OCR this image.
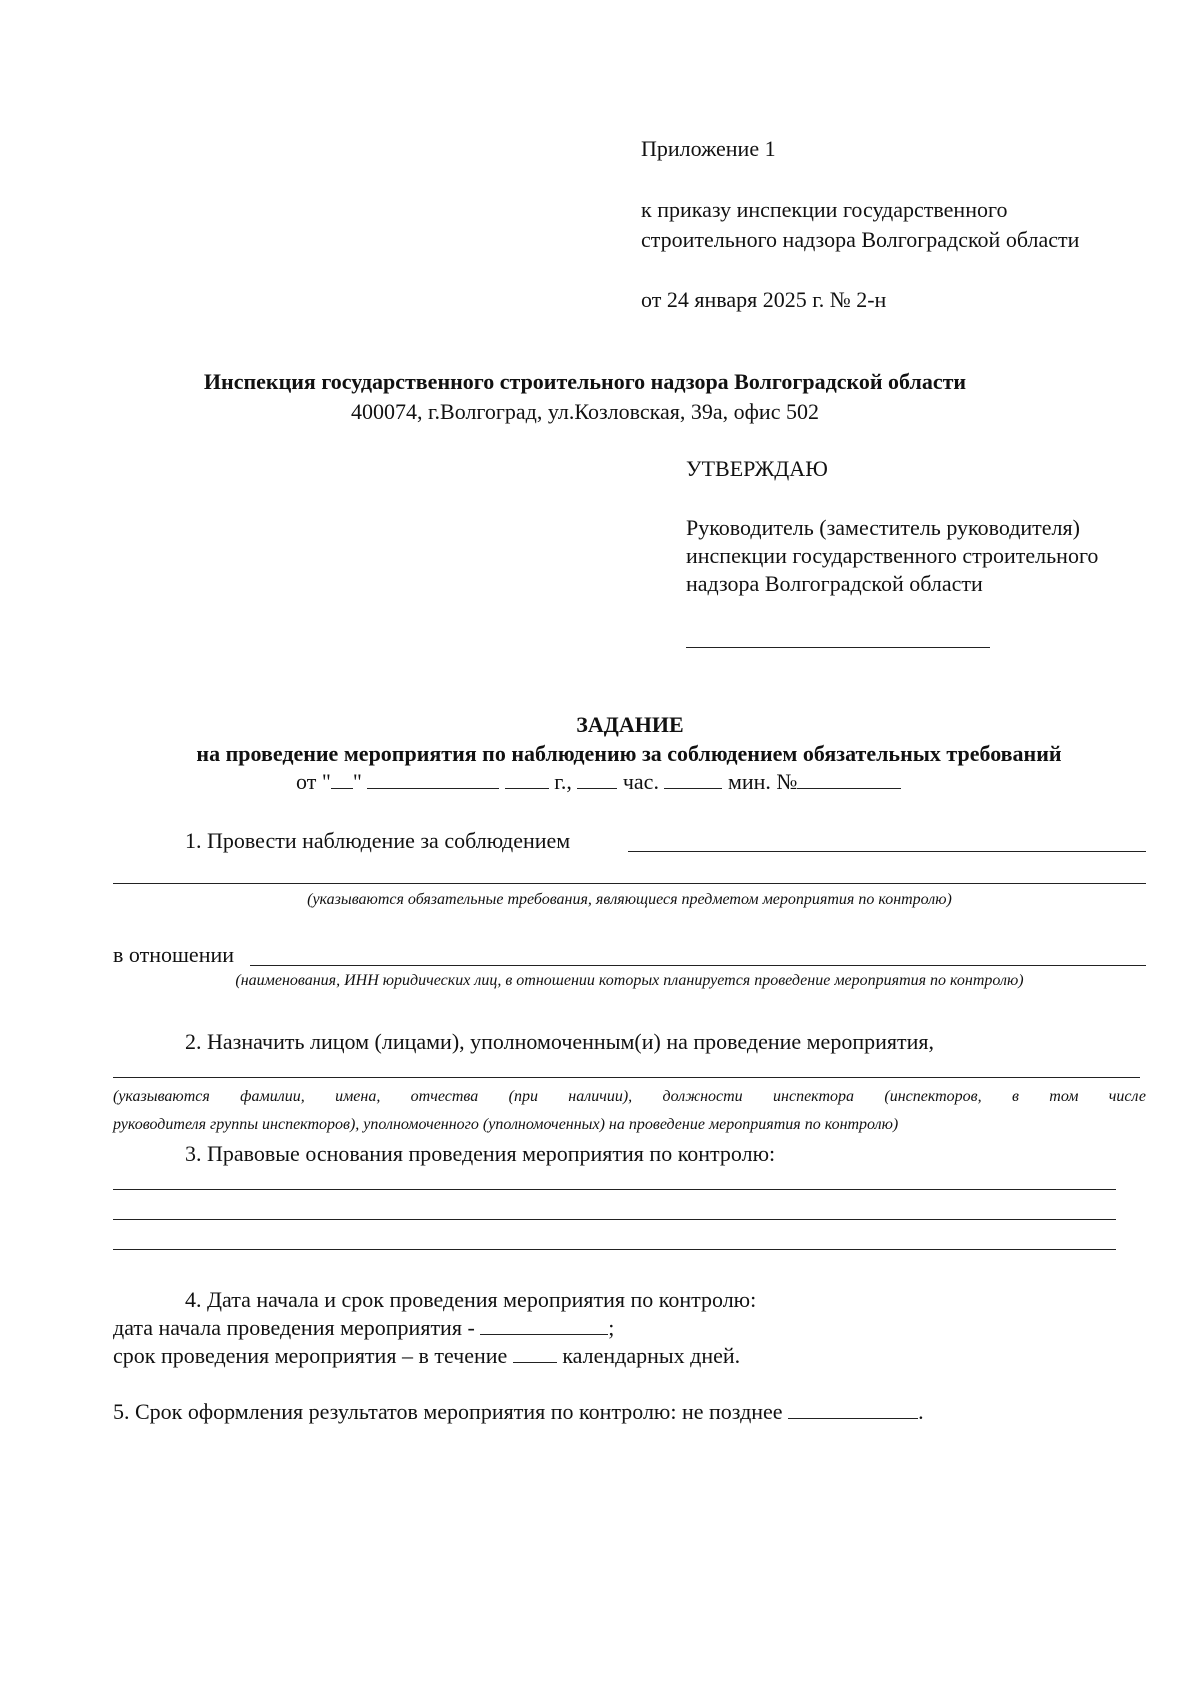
Приложение 1
к приказу инспекции государственного
строительного надзора Волгоградской области
от 24 января 2025 г. № 2-н
Инспекция государственного строительного надзора Волгоградской области
400074, г.Волгоград, ул.Козловская, 39а, офис 502
УТВЕРЖДАЮ
Руководитель (заместитель руководителя)
инспекции государственного строительного
надзора Волгоградской области
ЗАДАНИЕ
на проведение мероприятия по наблюдению за соблюдением обязательных требований
от " "	г., час.	мин. №
1. Провести наблюдение за соблюдением
(указываются обязательные требования, являющиеся предметом мероприятия по контролю)
в отношении
(наименования, ИНН юридических лиц, в отношении которых планируется проведение мероприятия по контролю)
2. Назначить лицом (лицами), уполномоченным(и) на проведение мероприятия,
(указываются фамилии, имена, отчества (при наличии), должности инспектора (инспекторов, в том числе
руководителя группы инспекторов), уполномоченного (уполномоченных) на проведение мероприятия по контролю)
3. Правовые основания проведения мероприятия по контролю:
4. Дата начала и срок проведения мероприятия по контролю:
дата начала проведения мероприятия -	;
срок проведения мероприятия – в течение	календарных дней.
5. Срок оформления результатов мероприятия по контролю: не позднее	.
